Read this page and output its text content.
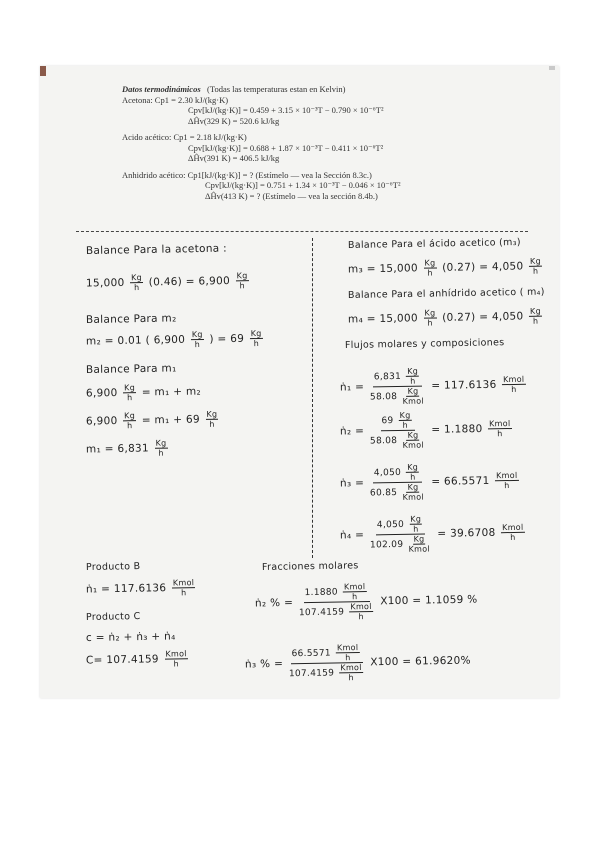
Datos termodinámicos (Todas las temperaturas estan en Kelvin)
Acetona: Cp1 = 2.30 kJ/(kg·K)
Cpv[kJ/(kg·K)] = 0.459 + 3.15 × 10⁻³T − 0.790 × 10⁻⁶T²
ΔĤv(329 K) = 520.6 kJ/kg
Acido acético: Cp1 = 2.18 kJ/(kg·K)
Cpv[kJ/(kg·K)] = 0.688 + 1.87 × 10⁻³T − 0.411 × 10⁻⁶T²
ΔĤv(391 K) = 406.5 kJ/kg
Anhidrido acético: Cp1[kJ/(kg·K)] = ? (Estímelo — vea la Sección 8.3c.)
Cpv[kJ/(kg·K)] = 0.751 + 1.34 × 10⁻³T − 0.046 × 10⁻⁶T²
ΔĤv(413 K) = ? (Estímelo — vea la sección 8.4b.)
Balance Para la acetona :
$15,000 \frac{Kg}{h} (0.46) = 6,900 \frac{Kg}{h}$
Balance Para m₂
m₂ = 0.01 ( $6,900 \frac{Kg}{h}$ ) = $69 \frac{Kg}{h}$
Balance Para m₁
$6,900 \frac{Kg}{h} = m_1 + m_2$
$6,900 \frac{Kg}{h} = m_1 + 69 \frac{Kg}{h}$
$m_1 = 6,831 \frac{Kg}{h}$
Producto B
ṅ₁ = $117.6136 \frac{\text{Kmol}}{h}$
Producto C
c = ṅ₂ + ṅ₃ + ṅ₄
$C= 107.4159 \frac{\text{Kmol}}{h}$
Balance Para el ácido acetico (m₃)
$m_3 = 15,000 \frac{Kg}{h} (0.27) = 4,050 \frac{Kg}{h}$
Balance Para el anhídrido acetico ( m₄)
$m_4 = 15,000 \frac{Kg}{h} (0.27) = 4,050 \frac{Kg}{h}$
Flujos molares y composiciones
ṅ₁ = $\frac{6,831 \frac{Kg}{h}}{58.08 \frac{Kg}{\text{Kmol}}} = 117.6136 \frac{\text{Kmol}}{h}$
ṅ₂ = $\frac{69 \frac{Kg}{h}}{58.08 \frac{Kg}{\text{Kmol}}} = 1.1880 \frac{\text{Kmol}}{h}$
ṅ₃ = $\frac{4,050 \frac{Kg}{h}}{60.85 \frac{Kg}{\text{Kmol}}} = 66.5571 \frac{\text{Kmol}}{h}$
ṅ₄ = $\frac{4,050 \frac{Kg}{h}}{102.09 \frac{Kg}{\text{Kmol}}} = 39.6708 \frac{\text{Kmol}}{h}$
Fracciones molares
ṅ₂ % = $\frac{1.1880 \frac{\text{Kmol}}{h}}{107.4159 \frac{\text{Kmol}}{h}} X100 = 1.1059$ %
ṅ₃ % = $\frac{66.5571 \frac{\text{Kmol}}{h}}{107.4159 \frac{\text{Kmol}}{h}} X100 = 61.9620\%$
